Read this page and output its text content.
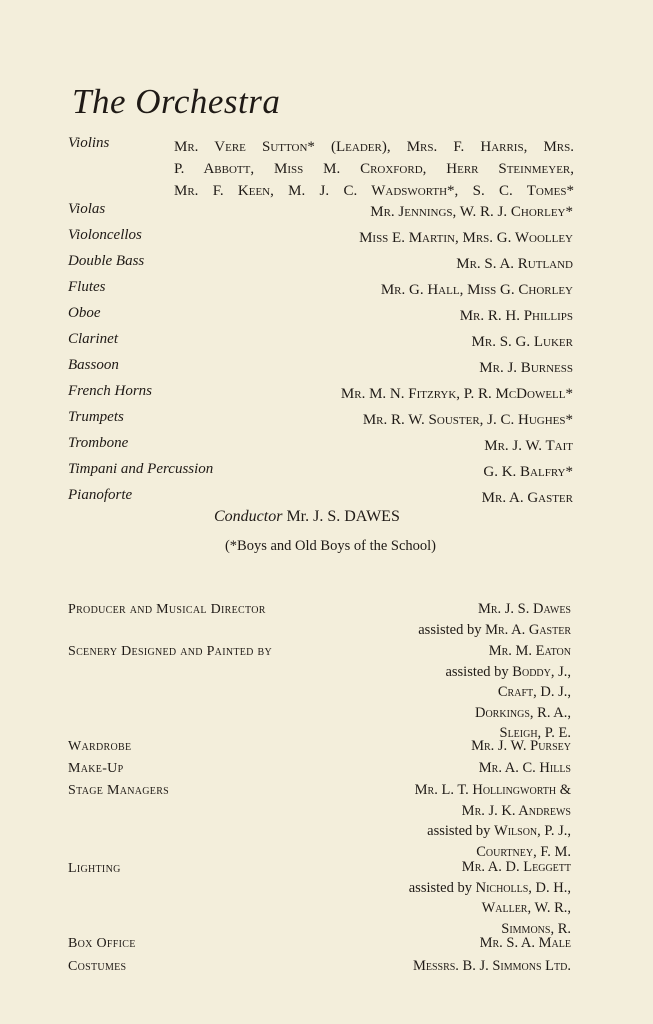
The Orchestra
Violins	Mr. Vere Sutton* (Leader), Mrs. F. Harris, Mrs.
P. Abbott, Miss M. Croxford, Herr Steinmeyer,
Mr. F. Keen, M. J. C. Wadsworth*, S. C. Tomes*
Violas	Mr. Jennings, W. R. J. Chorley*
Violoncellos	Miss E. Martin, Mrs. G. Woolley
Double Bass	Mr. S. A. Rutland
Flutes	Mr. G. Hall, Miss G. Chorley
Oboe	Mr. R. H. Phillips
Clarinet	Mr. S. G. Luker
Bassoon	Mr. J. Burness
French Horns	Mr. M. N. Fitzryk, P. R. McDowell*
Trumpets	Mr. R. W. Souster, J. C. Hughes*
Trombone	Mr. J. W. Tait
Timpani and Percussion	G. K. Balfry*
Pianoforte	Mr. A. Gaster
Conductor Mr. J. S. DAWES
(*Boys and Old Boys of the School)
Producer and Musical Director	Mr. J. S. Dawes
assisted by Mr. A. Gaster
Scenery Designed and Painted by	Mr. M. Eaton
assisted by Boddy, J.,
Craft, D. J.,
Dorkings, R. A.,
Sleigh, P. E.
Wardrobe	Mr. J. W. Pursey
Make-Up	Mr. A. C. Hills
Stage Managers	Mr. L. T. Hollingworth &
Mr. J. K. Andrews
assisted by Wilson, P. J.,
Courtney, F. M.
Lighting	Mr. A. D. Leggett
assisted by Nicholls, D. H.,
Waller, W. R.,
Simmons, R.
Box Office	Mr. S. A. Male
Costumes	Messrs. B. J. Simmons Ltd.
